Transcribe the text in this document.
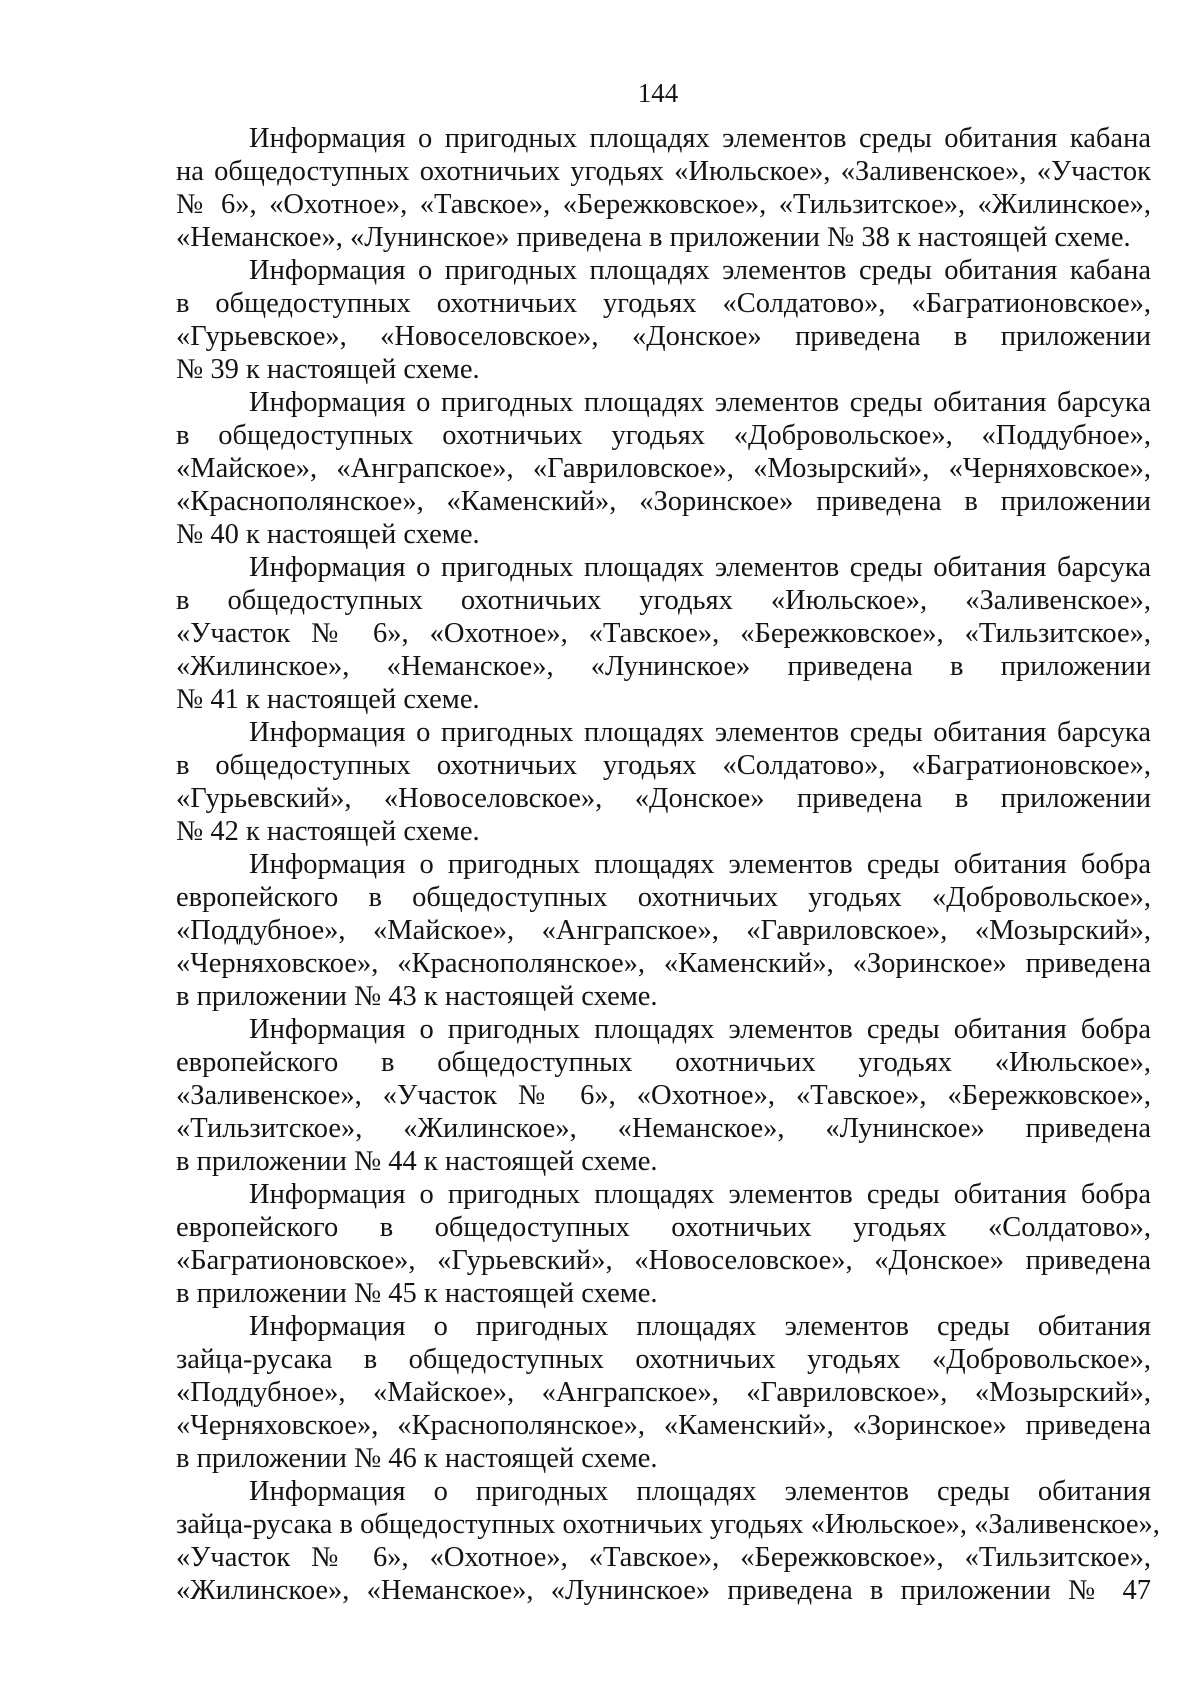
144
Информация о пригодных площадях элементов среды обитания кабана
на общедоступных охотничьих угодьях «Июльское», «Заливенское», «Участок
№ 6», «Охотное», «Тавское», «Бережковское», «Тильзитское», «Жилинское»,
«Неманское», «Лунинское» приведена в приложении № 38 к настоящей схеме.
Информация о пригодных площадях элементов среды обитания кабана
в общедоступных охотничьих угодьях «Солдатово», «Багратионовское»,
«Гурьевское», «Новоселовское», «Донское» приведена в приложении
№ 39 к настоящей схеме.
Информация о пригодных площадях элементов среды обитания барсука
в общедоступных охотничьих угодьях «Добровольское», «Поддубное»,
«Майское», «Анграпское», «Гавриловское», «Мозырский», «Черняховское»,
«Краснополянское», «Каменский», «Зоринское» приведена в приложении
№ 40 к настоящей схеме.
Информация о пригодных площадях элементов среды обитания барсука
в общедоступных охотничьих угодьях «Июльское», «Заливенское»,
«Участок № 6», «Охотное», «Тавское», «Бережковское», «Тильзитское»,
«Жилинское», «Неманское», «Лунинское» приведена в приложении
№ 41 к настоящей схеме.
Информация о пригодных площадях элементов среды обитания барсука
в общедоступных охотничьих угодьях «Солдатово», «Багратионовское»,
«Гурьевский», «Новоселовское», «Донское» приведена в приложении
№ 42 к настоящей схеме.
Информация о пригодных площадях элементов среды обитания бобра
европейского в общедоступных охотничьих угодьях «Добровольское»,
«Поддубное», «Майское», «Анграпское», «Гавриловское», «Мозырский»,
«Черняховское», «Краснополянское», «Каменский», «Зоринское» приведена
в приложении № 43 к настоящей схеме.
Информация о пригодных площадях элементов среды обитания бобра
европейского в общедоступных охотничьих угодьях «Июльское»,
«Заливенское», «Участок № 6», «Охотное», «Тавское», «Бережковское»,
«Тильзитское», «Жилинское», «Неманское», «Лунинское» приведена
в приложении № 44 к настоящей схеме.
Информация о пригодных площадях элементов среды обитания бобра
европейского в общедоступных охотничьих угодьях «Солдатово»,
«Багратионовское», «Гурьевский», «Новоселовское», «Донское» приведена
в приложении № 45 к настоящей схеме.
Информация о пригодных площадях элементов среды обитания
зайца-русака в общедоступных охотничьих угодьях «Добровольское»,
«Поддубное», «Майское», «Анграпское», «Гавриловское», «Мозырский»,
«Черняховское», «Краснополянское», «Каменский», «Зоринское» приведена
в приложении № 46 к настоящей схеме.
Информация о пригодных площадях элементов среды обитания
зайца-русака в общедоступных охотничьих угодьях «Июльское», «Заливенское»,
«Участок № 6», «Охотное», «Тавское», «Бережковское», «Тильзитское»,
«Жилинское», «Неманское», «Лунинское» приведена в приложении № 47
